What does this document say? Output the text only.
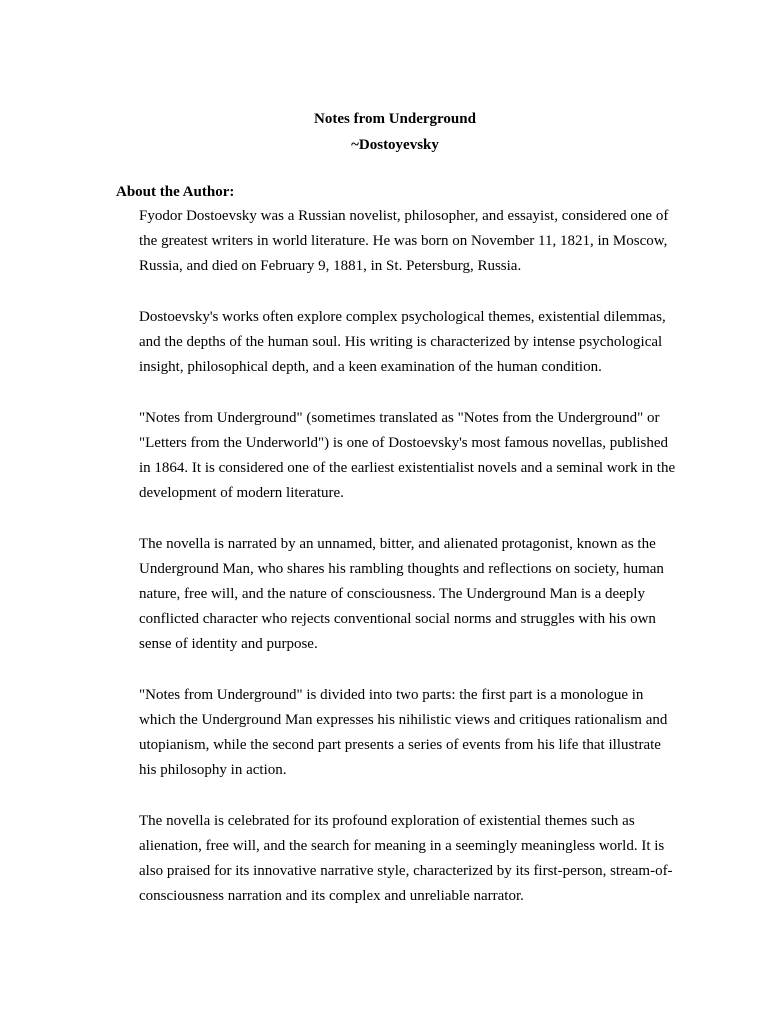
Notes from Underground
~Dostoyevsky
About the Author:

Fyodor Dostoevsky was a Russian novelist, philosopher, and essayist, considered one of the greatest writers in world literature. He was born on November 11, 1821, in Moscow, Russia, and died on February 9, 1881, in St. Petersburg, Russia.

Dostoevsky's works often explore complex psychological themes, existential dilemmas, and the depths of the human soul. His writing is characterized by intense psychological insight, philosophical depth, and a keen examination of the human condition.

"Notes from Underground" (sometimes translated as "Notes from the Underground" or "Letters from the Underworld") is one of Dostoevsky's most famous novellas, published in 1864. It is considered one of the earliest existentialist novels and a seminal work in the development of modern literature.

The novella is narrated by an unnamed, bitter, and alienated protagonist, known as the Underground Man, who shares his rambling thoughts and reflections on society, human nature, free will, and the nature of consciousness. The Underground Man is a deeply conflicted character who rejects conventional social norms and struggles with his own sense of identity and purpose.

"Notes from Underground" is divided into two parts: the first part is a monologue in which the Underground Man expresses his nihilistic views and critiques rationalism and utopianism, while the second part presents a series of events from his life that illustrate his philosophy in action.

The novella is celebrated for its profound exploration of existential themes such as alienation, free will, and the search for meaning in a seemingly meaningless world. It is also praised for its innovative narrative style, characterized by its first-person, stream-of-consciousness narration and its complex and unreliable narrator.
